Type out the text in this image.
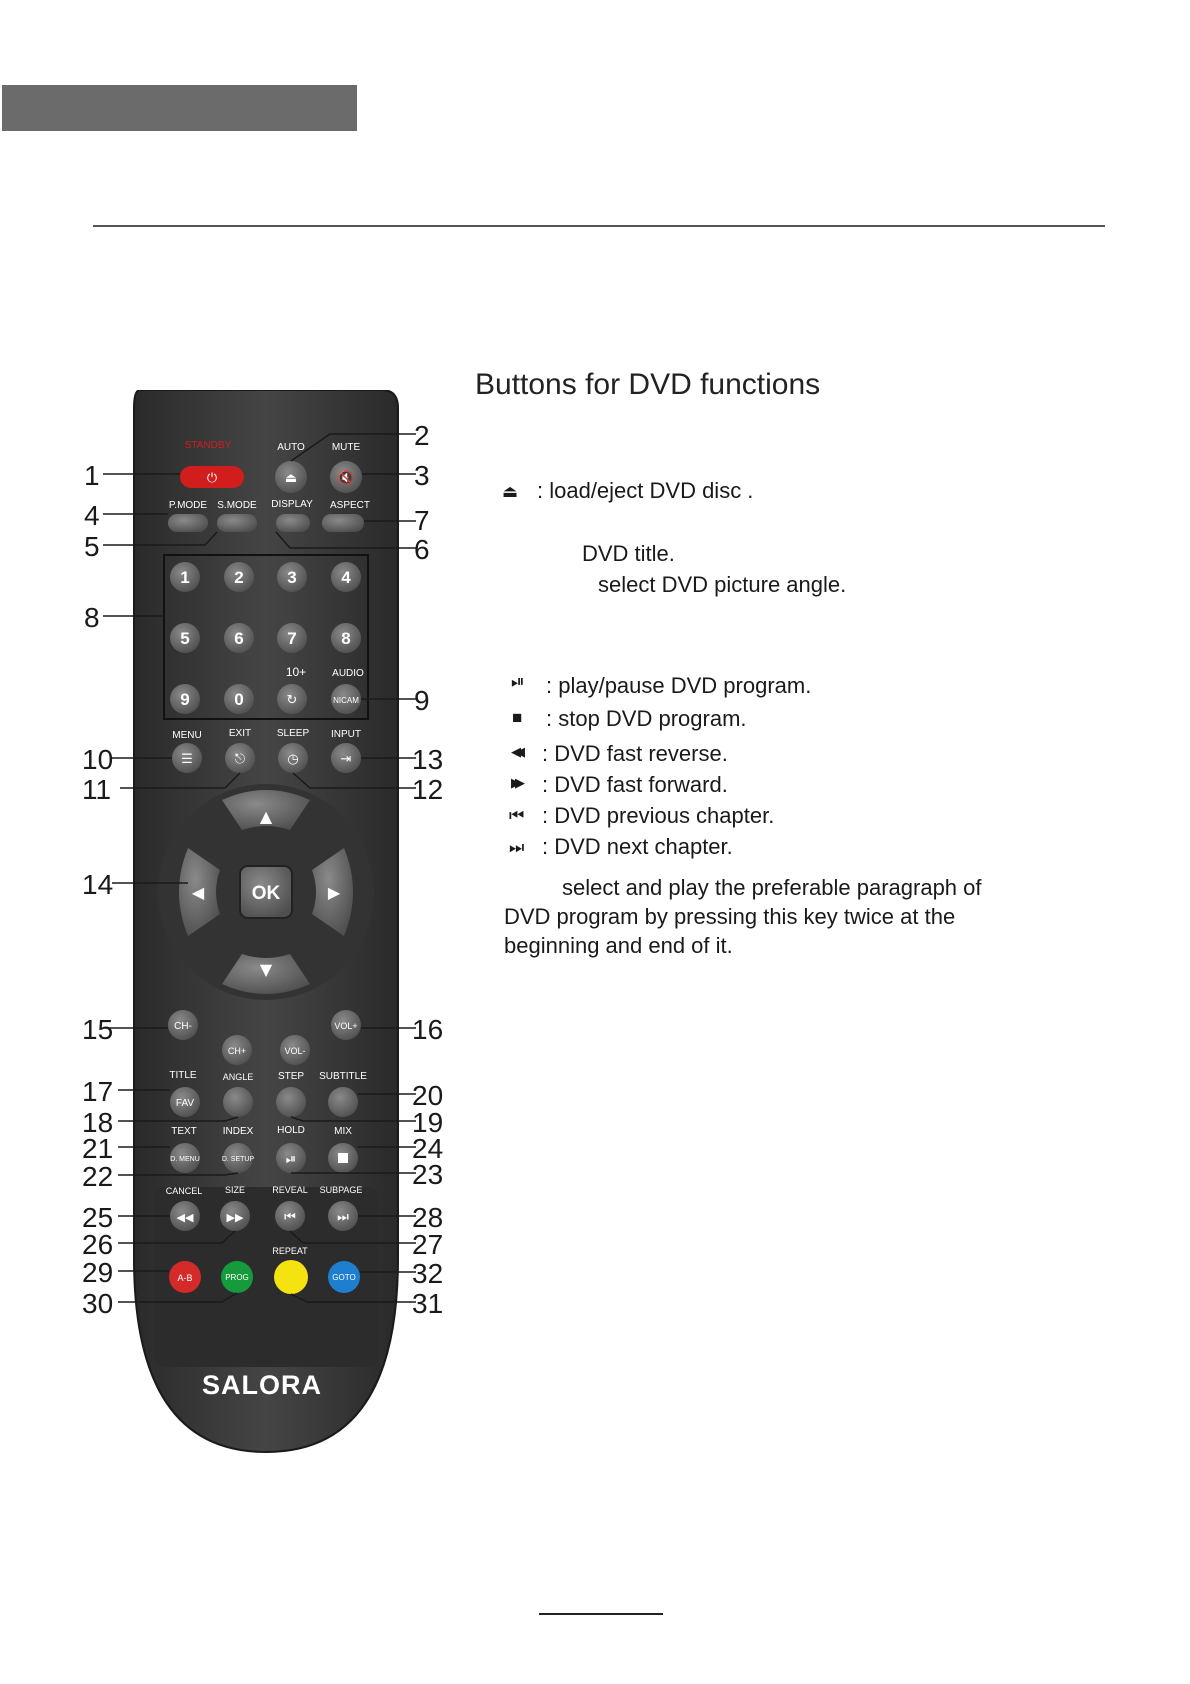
Buttons for DVD functions
⏏ : load/eject DVD disc .
DVD title.
select DVD picture angle.
⏯ : play/pause DVD program.
■ : stop DVD program.
◀◀ : DVD fast reverse.
▶▶ : DVD fast forward.
⏮ : DVD previous chapter.
⏭ : DVD next chapter.
select and play the preferable paragraph of
DVD program by pressing this key twice at the
beginning and end of it.
STANDBY
⏻
AUTO
⏏
MUTE
🔇
P.MODE S.MODE DISPLAY ASPECT
1	2	3	4
5	6	7	8
10+	AUDIO
9	0	↻	NICAM
MENU
☰
EXIT
⎋
SLEEP
◷
INPUT
⇥
▲
▼
◀	▶
OK
CH-
CH+	VOL-
VOL+
TITLE
FAV
ANGLE STEP SUBTITLE
TEXT
D. MENU
INDEX
D. SETUP
HOLD
⏯
MIX
CANCEL
◀◀
SIZE
▶▶
REVEAL
⏮
SUBPAGE
⏭
REPEAT
A-B	PROG	GOTO
SALORA
1
2
3
4
5	6
7
8
9
10
11	12
13
14
15	16
17
18	19
20
21
22	23
24
25
26	27
28
29
30	31
32
